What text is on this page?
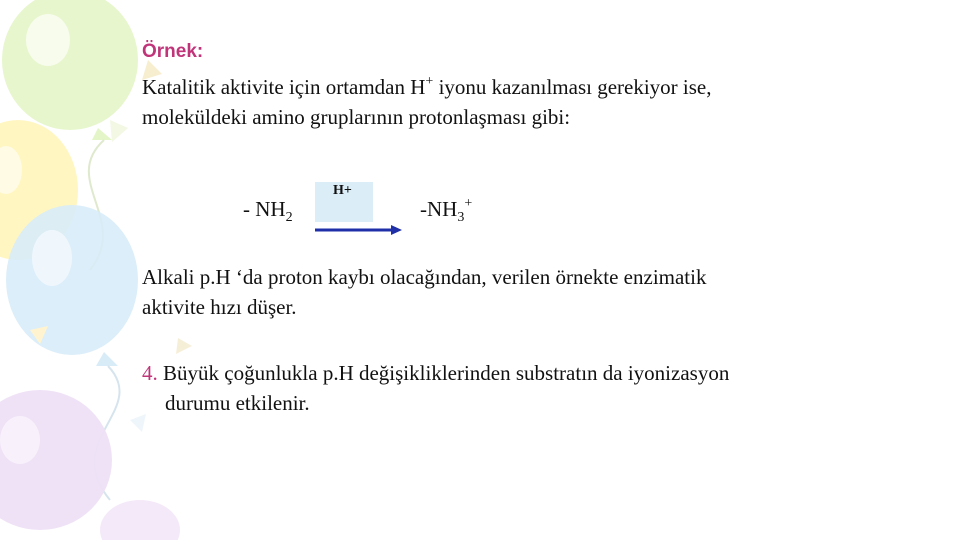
Örnek:
Katalitik aktivite için ortamdan H+ iyonu kazanılması gerekiyor ise,
moleküldeki amino gruplarının protonlaşması gibi:
- $NH_2$
H+
$-NH_3^+$
Alkali p.H ‘da proton kaybı olacağından, verilen örnekte enzimatik
aktivite hızı düşer.
4. Büyük çoğunlukla p.H değişikliklerinden substratın da iyonizasyon
durumu etkilenir.
